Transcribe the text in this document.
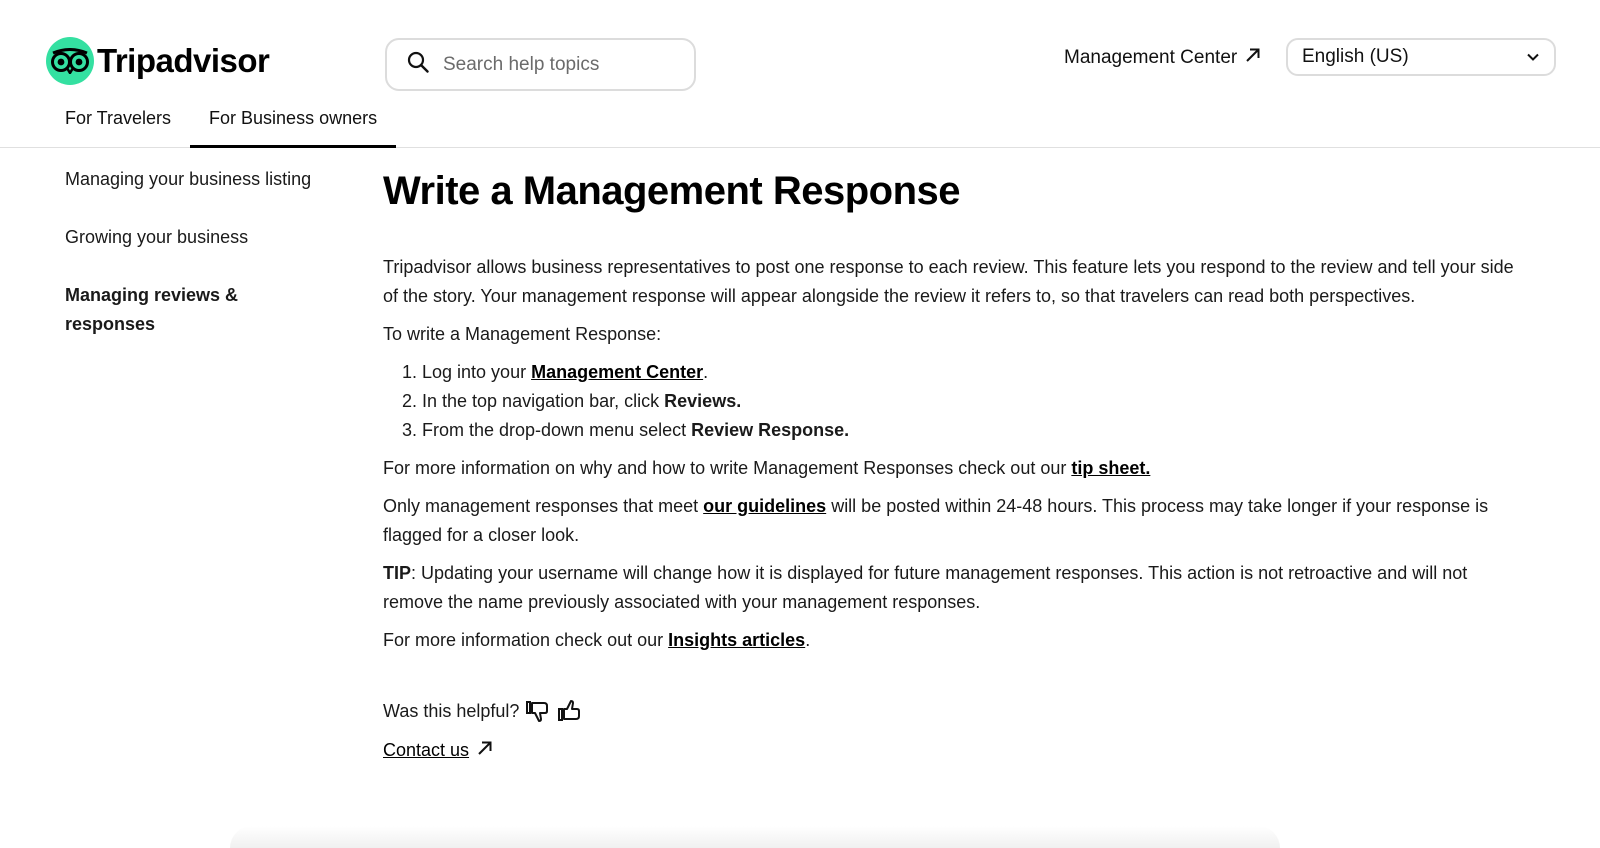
Tripadvisor
Search help topics	Management Center	English (US)
For Travelers	For Business owners
Managing your business listing
Growing your business
Managing reviews & responses
Write a Management Response

Tripadvisor allows business representatives to post one response to each review. This feature lets you respond to the review and tell your side of the story. Your management response will appear alongside the review it refers to, so that travelers can read both perspectives.

To write a Management Response:

1. Log into your Management Center.
2. In the top navigation bar, click Reviews.
3. From the drop-down menu select Review Response.

For more information on why and how to write Management Responses check out our tip sheet.

Only management responses that meet our guidelines will be posted within 24-48 hours. This process may take longer if your response is flagged for a closer look.

TIP: Updating your username will change how it is displayed for future management responses. This action is not retroactive and will not remove the name previously associated with your management responses.

For more information check out our Insights articles.

Was this helpful?
Contact us
